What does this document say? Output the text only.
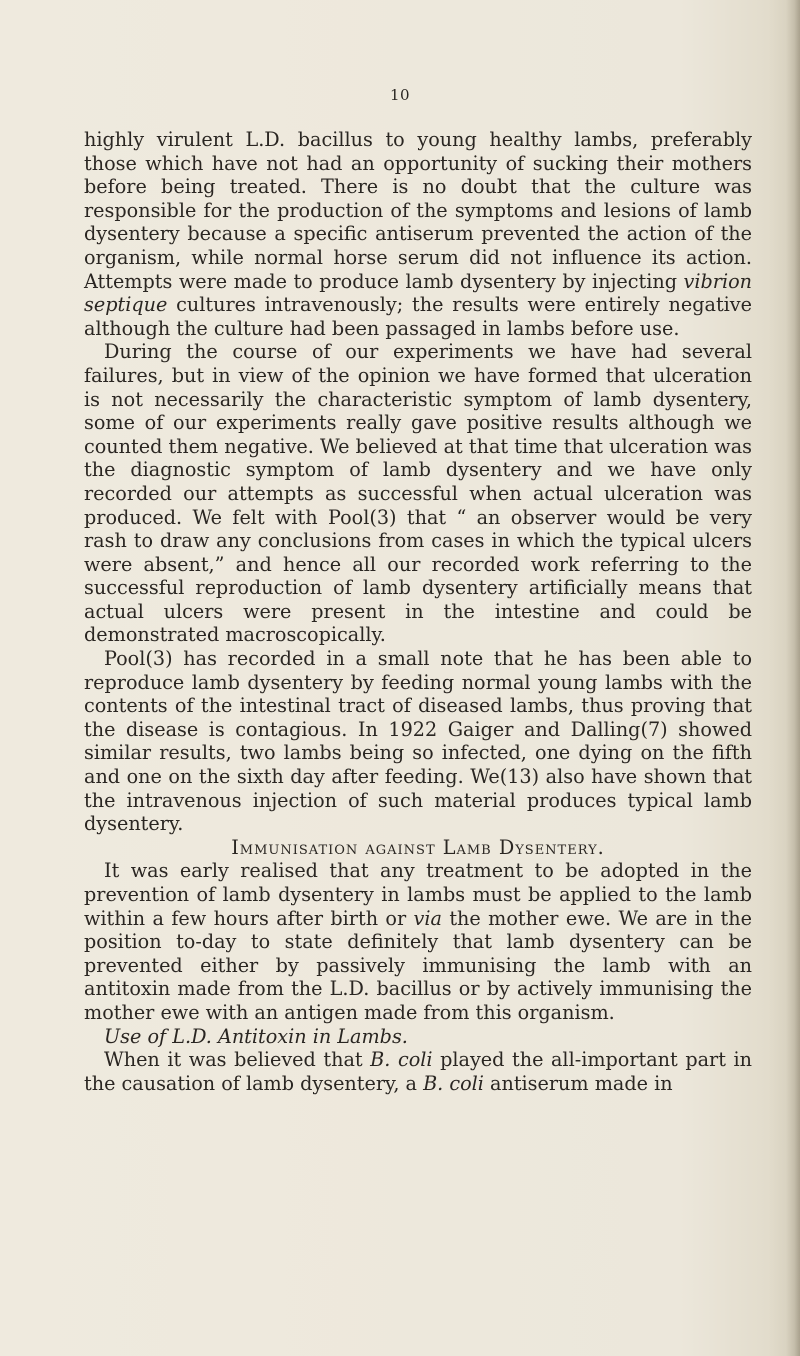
10

highly virulent L.D. bacillus to young healthy lambs, preferably those which have not had an opportunity of sucking their mothers before being treated. There is no doubt that the culture was responsible for the production of the symptoms and lesions of lamb dysentery because a specific antiserum prevented the action of the organism, while normal horse serum did not influence its action. Attempts were made to produce lamb dysentery by injecting vibrion septique cultures intravenously; the results were entirely negative although the culture had been passaged in lambs before use.

During the course of our experiments we have had several failures, but in view of the opinion we have formed that ulceration is not necessarily the characteristic symptom of lamb dysentery, some of our experiments really gave positive results although we counted them negative. We believed at that time that ulceration was the diagnostic symptom of lamb dysentery and we have only recorded our attempts as successful when actual ulceration was produced. We felt with Pool(3) that “ an observer would be very rash to draw any conclusions from cases in which the typical ulcers were absent,” and hence all our recorded work referring to the successful reproduction of lamb dysentery artificially means that actual ulcers were present in the intestine and could be demonstrated macroscopically.

Pool(3) has recorded in a small note that he has been able to reproduce lamb dysentery by feeding normal young lambs with the contents of the intestinal tract of diseased lambs, thus proving that the disease is contagious. In 1922 Gaiger and Dalling(7) showed similar results, two lambs being so infected, one dying on the fifth and one on the sixth day after feeding. We(13) also have shown that the intravenous injection of such material produces typical lamb dysentery.

Immunisation against Lamb Dysentery.

It was early realised that any treatment to be adopted in the prevention of lamb dysentery in lambs must be applied to the lamb within a few hours after birth or via the mother ewe. We are in the position to-day to state definitely that lamb dysentery can be prevented either by passively immunising the lamb with an antitoxin made from the L.D. bacillus or by actively immunising the mother ewe with an antigen made from this organism.

Use of L.D. Antitoxin in Lambs.

When it was believed that B. coli played the all-important part in the causation of lamb dysentery, a B. coli antiserum made in
